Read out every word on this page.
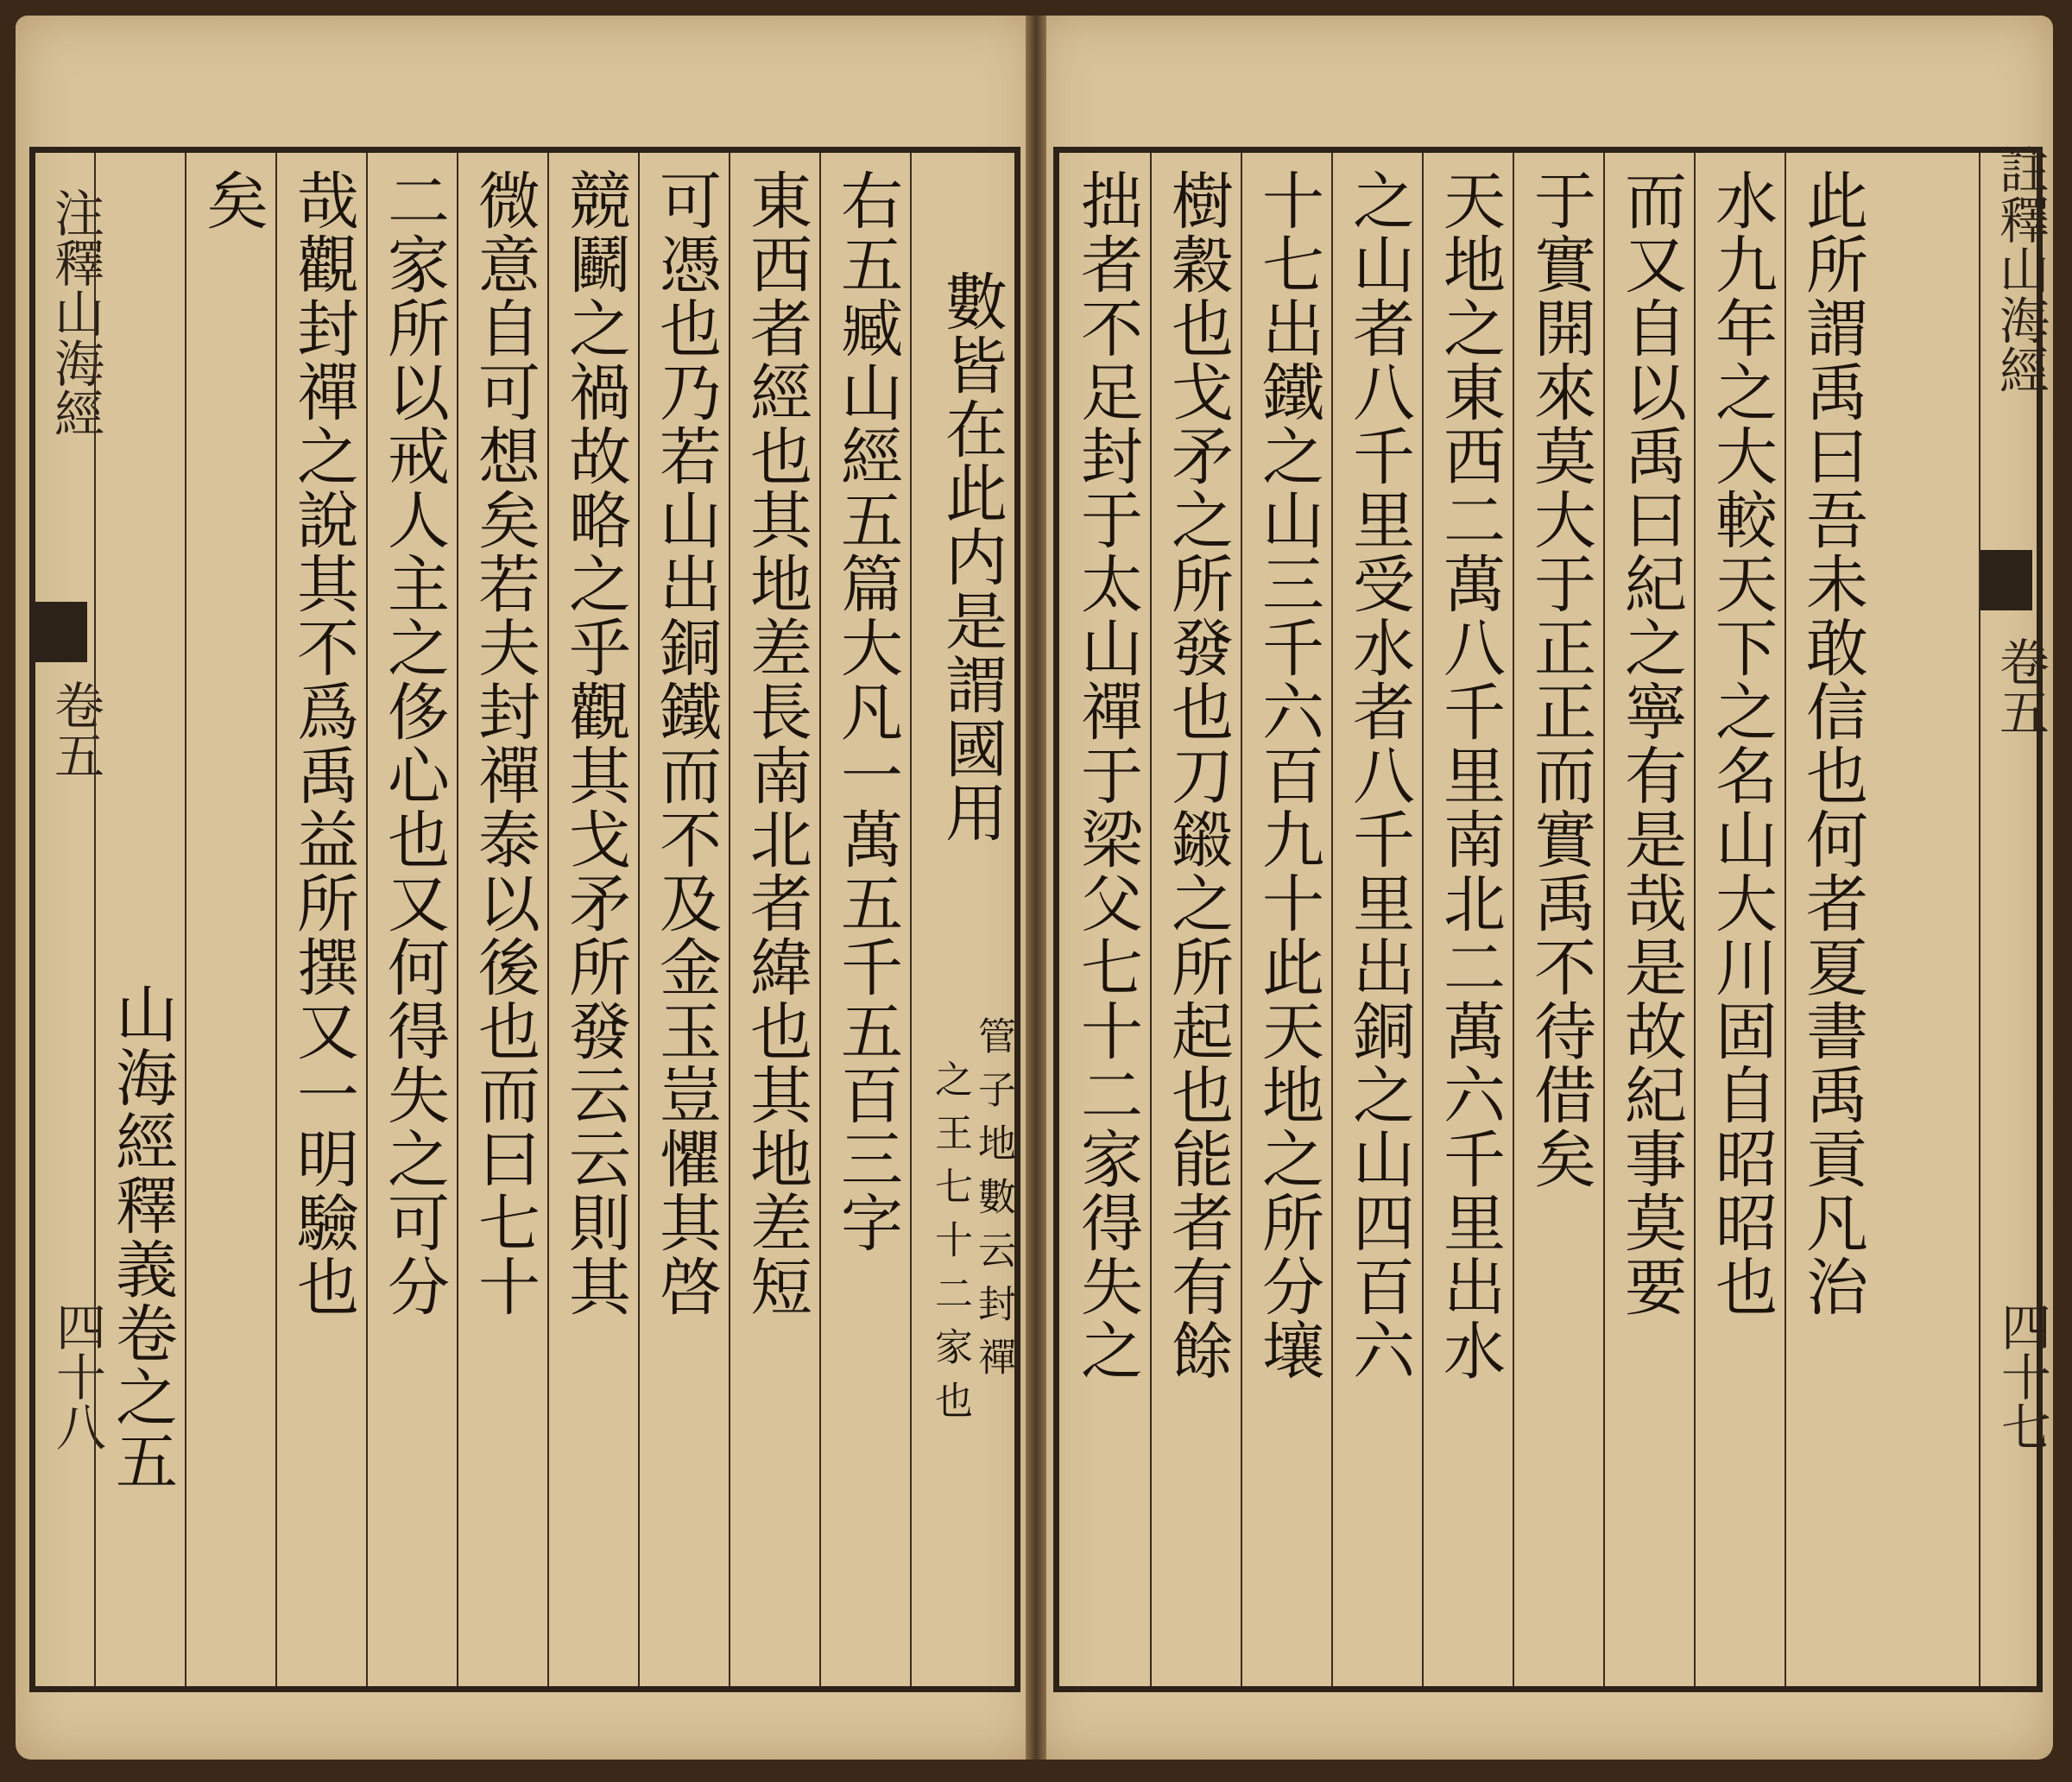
注釋山海經
卷五
四十八 山海經釋義卷之五
矣 哉觀封禪之說其不爲禹益所撰又一明驗也 二家所以戒人主之侈心也又何得失之可分 微意自可想矣若夫封禪泰以後也而曰七十 競鬬之禍故略之乎觀其戈矛所發云云則其 可憑也乃若山出銅鐵而不及金玉豈懼其啓 東西者經也其地差長南北者緯也其地差短 右五臧山經五篇大凡一萬五千五百三字 數皆在此内是謂國用
管子地數云封禪
之王七十二家也 拙者不足封于太山禪于梁父七十二家得失之 樹穀也戈矛之所發也刀鎩之所起也能者有餘 十七出鐵之山三千六百九十此天地之所分壤 之山者八千里受水者八千里出銅之山四百六 天地之東西二萬八千里南北二萬六千里出水 于實開來莫大于正正而實禹不待借矣 而又自以禹曰紀之寧有是哉是故紀事莫要 水九年之大較天下之名山大川固自昭昭也 此所謂禹曰吾未敢信也何者夏書禹貢凡治 註釋山海經
卷五
四十七
